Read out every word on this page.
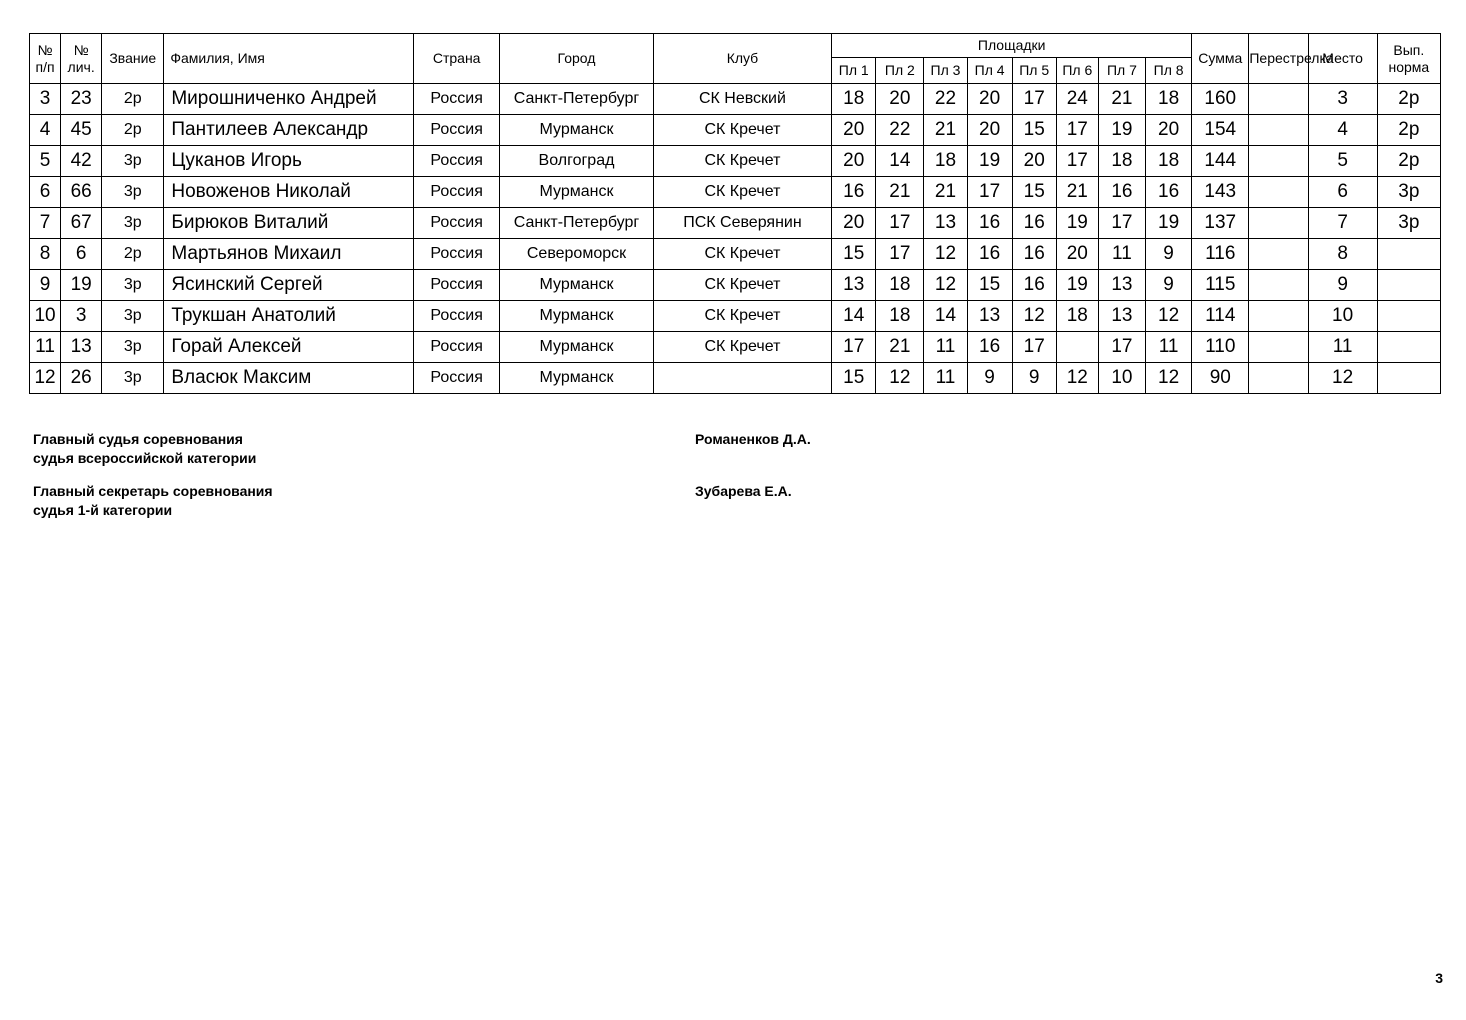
№ п/п	№ лич.	Звание	Фамилия, Имя	Страна	Город	Клуб	Площадки								Сумма	Перестрелка	Место	Вып. норма
							Пл 1	Пл 2	Пл 3	Пл 4	Пл 5	Пл 6	Пл 7	Пл 8				
3	23	2р	Мирошниченко Андрей	Россия	Санкт-Петербург	СК Невский	18	20	22	20	17	24	21	18	160		3	2р
4	45	2р	Пантилеев Александр	Россия	Мурманск	СК Кречет	20	22	21	20	15	17	19	20	154		4	2р
5	42	3р	Цуканов Игорь	Россия	Волгоград	СК Кречет	20	14	18	19	20	17	18	18	144		5	2р
6	66	3р	Новоженов Николай	Россия	Мурманск	СК Кречет	16	21	21	17	15	21	16	16	143		6	3р
7	67	3р	Бирюков Виталий	Россия	Санкт-Петербург	ПСК Северянин	20	17	13	16	16	19	17	19	137		7	3р
8	6	2р	Мартьянов Михаил	Россия	Североморск	СК Кречет	15	17	12	16	16	20	11	9	116		8	
9	19	3р	Ясинский Сергей	Россия	Мурманск	СК Кречет	13	18	12	15	16	19	13	9	115		9	
10	3	3р	Трукшан Анатолий	Россия	Мурманск	СК Кречет	14	18	14	13	12	18	13	12	114		10	
11	13	3р	Горай Алексей	Россия	Мурманск	СК Кречет	17	21	11	16	17		17	11	110		11	
12	26	3р	Власюк Максим	Россия	Мурманск		15	12	11	9	9	12	10	12	90		12	
Главный судья соревнования
судья всероссийской категории
Романенков Д.А.
Главный секретарь соревнования
судья 1-й категории
Зубарева Е.А.
3
